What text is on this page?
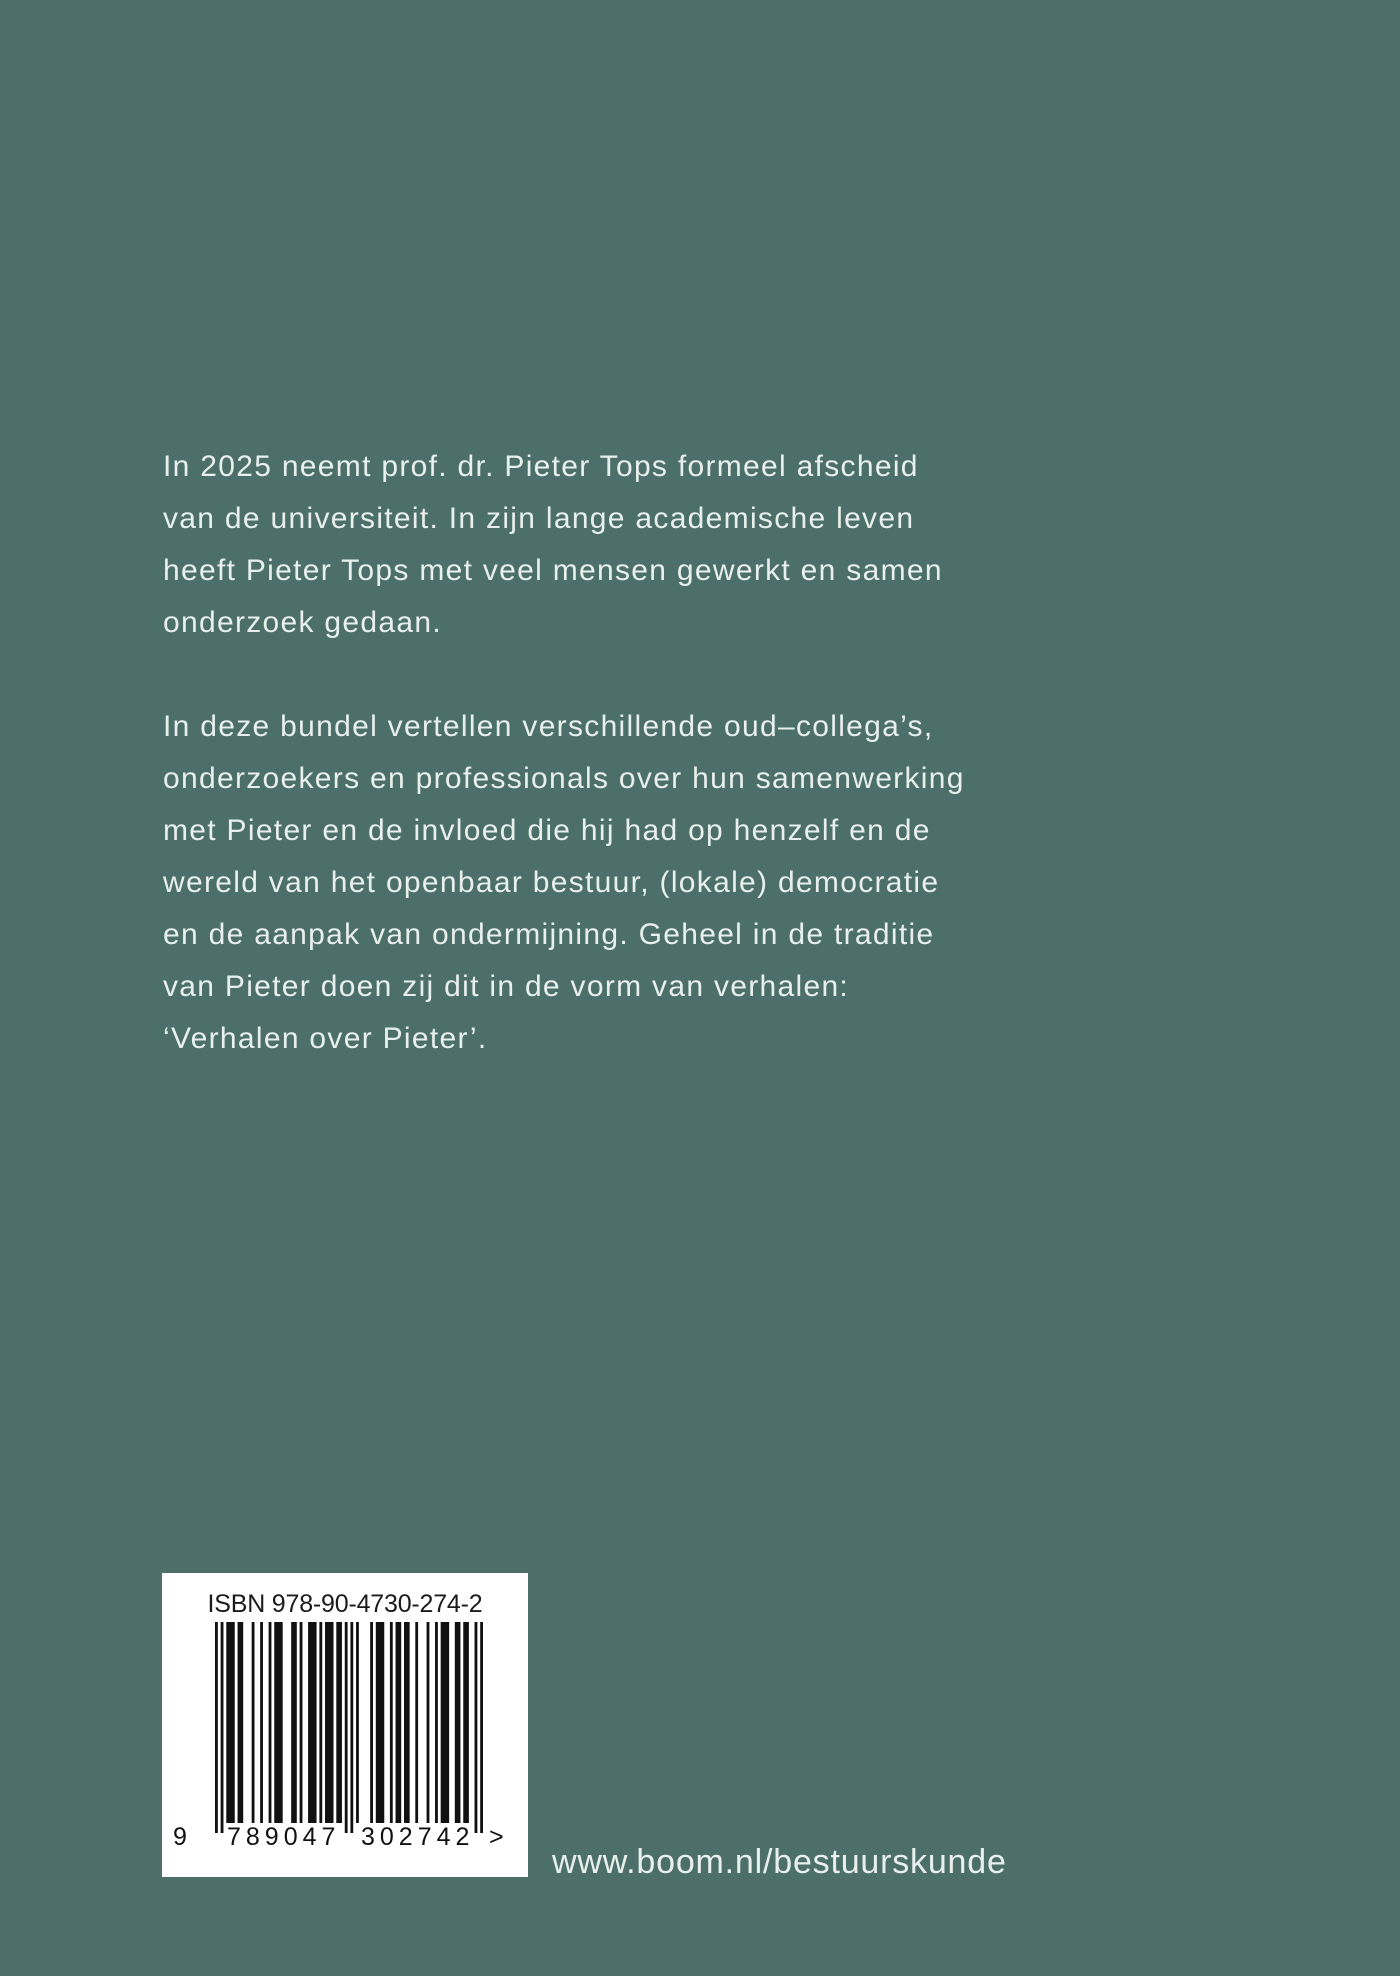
In 2025 neemt prof. dr. Pieter Tops formeel afscheid
van de universiteit. In zijn lange academische leven
heeft Pieter Tops met veel mensen gewerkt en samen
onderzoek gedaan.

In deze bundel vertellen verschillende oud–collega’s,
onderzoekers en professionals over hun samenwerking
met Pieter en de invloed die hij had op henzelf en de
wereld van het openbaar bestuur, (lokale) democratie
en de aanpak van ondermijning. Geheel in de traditie
van Pieter doen zij dit in de vorm van verhalen:
‘Verhalen over Pieter’.

ISBN 978-90-4730-274-2
9 789047 302742 >
www.boom.nl/bestuurskunde
